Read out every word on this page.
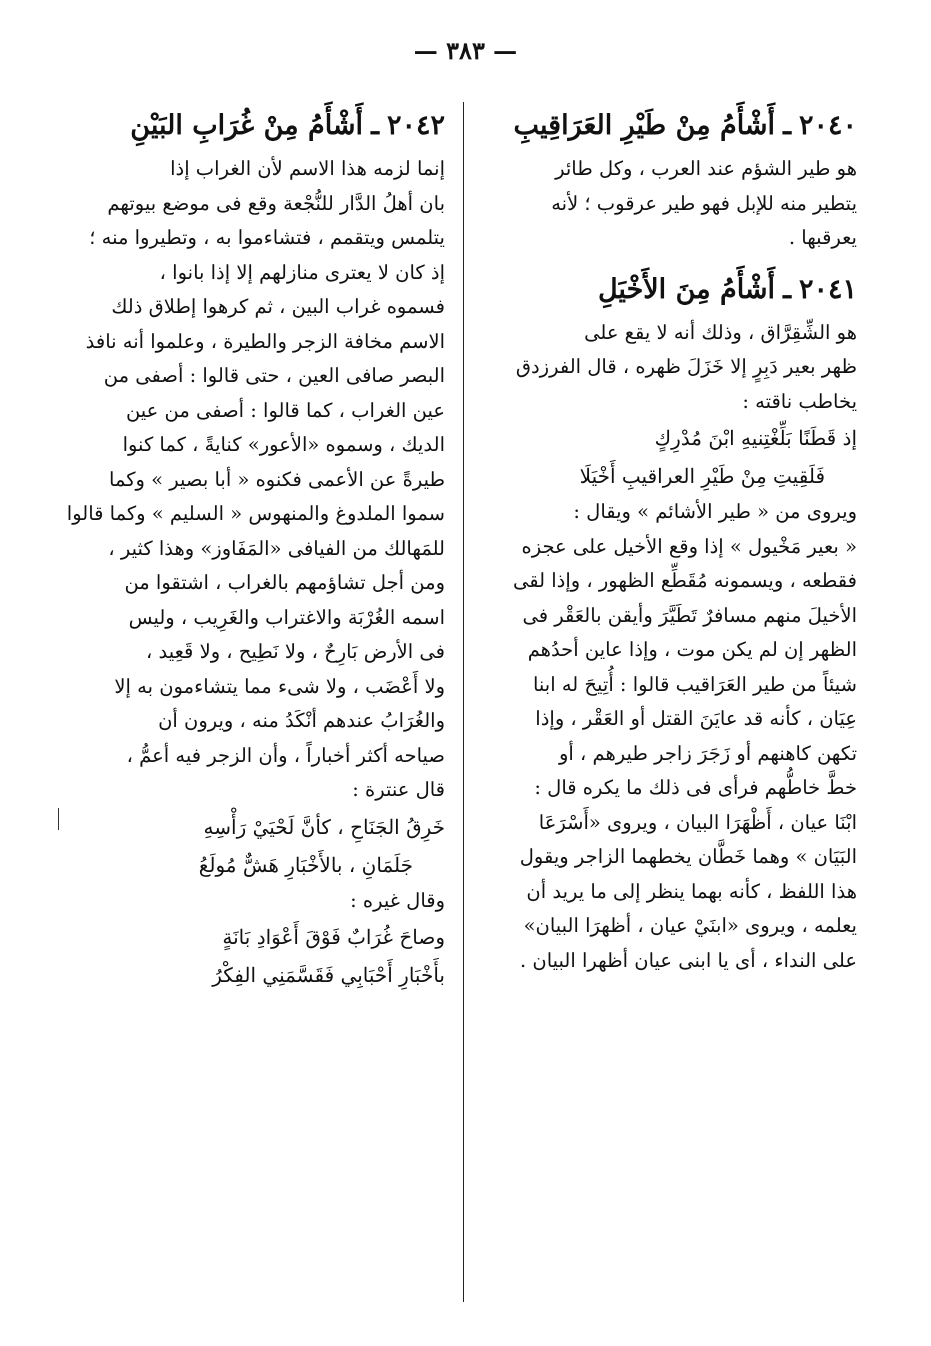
— ٣٨٣ —
٢٠٤٠
ـ
أَشْأَمُ مِنْ طَيْرِ العَرَاقِيبِ

هو طير الشؤم عند العرب ، وكل طائر

يتطير منه للإبل فهو طير عرقوب ؛ لأنه

يعرقبها .

٢٠٤١
ـ
أَشْأَمُ مِنَ الأَخْيَلِ

هو الشِّقِرَّاق ، وذلك أنه لا يقع على

ظهر بعير دَبِرٍ إلا خَزَلَ ظهره ، قال الفرزدق

يخاطب ناقته :

إذ قَطَنًا بَلِّغْتِنيهِ ابْنَ مُدْرِكٍ

فَلَقِيتِ مِنْ طَيْرِ العراقيبِ أَخْيَلَا

ويروى من « طير الأشائم » ويقال :

« بعير مَخْيول » إذا وقع الأخيل على عجزه

فقطعه ، ويسمونه مُقَطِّع الظهور ، وإذا لقى

الأخيلَ منهم مسافرٌ تَطَيَّرَ وأيقن بالعَقْر فى

الظهر إن لم يكن موت ، وإذا عاين أحدُهم

شيئاً من طير العَرَاقيب قالوا : أُتِيحَ له ابنا

عِيَان ، كأنه قد عايَنَ القتل أو العَقْر ، وإذا

تكهن كاهنهم أو زَجَرَ زاجر طيرهم ، أو

خطَّ خاطُّهم فرأى فى ذلك ما يكره قال :

ابْنَا عيان ، أَظْهَرَا البيان ، ويروى «أَسْرَعَا

البَيَان » وهما خَطَّان يخطهما الزاجر ويقول

هذا اللفظ ، كأنه بهما ينظر إلى ما يريد أن

يعلمه ، ويروى «ابنَيْ عيان ، أظهرَا البيان»

على النداء ، أى يا ابنى عيان أظهرا البيان .

٢٠٤٢
ـ
أَشْأَمُ مِنْ غُرَابِ البَيْنِ

إنما لزمه هذا الاسم لأن الغراب إذا

بان أهلُ الدَّار للنُّجْعة وقع فى موضع بيوتهم

يتلمس ويتقمم ، فتشاءموا به ، وتطيروا منه ؛

إذ كان لا يعترى منازلهم إلا إذا بانوا ،

فسموه غراب البين ، ثم كرهوا إطلاق ذلك

الاسم مخافة الزجر والطيرة ، وعلموا أنه نافذ

البصر صافى العين ، حتى قالوا : أصفى من

عين الغراب ، كما قالوا : أصفى من عين

الديك ، وسموه «الأعور» كنايةً ، كما كنوا

طيرةً عن الأعمى فكنوه « أبا بصير » وكما

سموا الملدوغ والمنهوس « السليم » وكما قالوا

للمَهالك من الفيافى «المَفَاوز» وهذا كثير ،

ومن أجل تشاؤمهم بالغراب ، اشتقوا من

اسمه الغُرْبَة والاغتراب والغَرِيب ، وليس

فى الأرض بَارِحٌ ، ولا نَطِيح ، ولا قَعِيد ،

ولا أَعْضَب ، ولا شىء مما يتشاءمون به إلا

والغُرَابُ عندهم أنْكَدُ منه ، ويرون أن

صياحه أكثر أخباراً ، وأن الزجر فيه أعمُّ ،

قال عنترة :

خَرِقُ الجَنَاحِ ، كأنَّ لَحْيَيْ رَأْسِهِ

جَلَمَانِ ، بالأَخْبَارِ هَشٌّ مُولَعُ

وقال غيره :

وصاحَ غُرَابٌ فَوْقَ أَعْوَادِ بَانَةٍ

بأَخْبَارِ أَحْبَابِي فَقَسَّمَنِي الفِكْرُ
